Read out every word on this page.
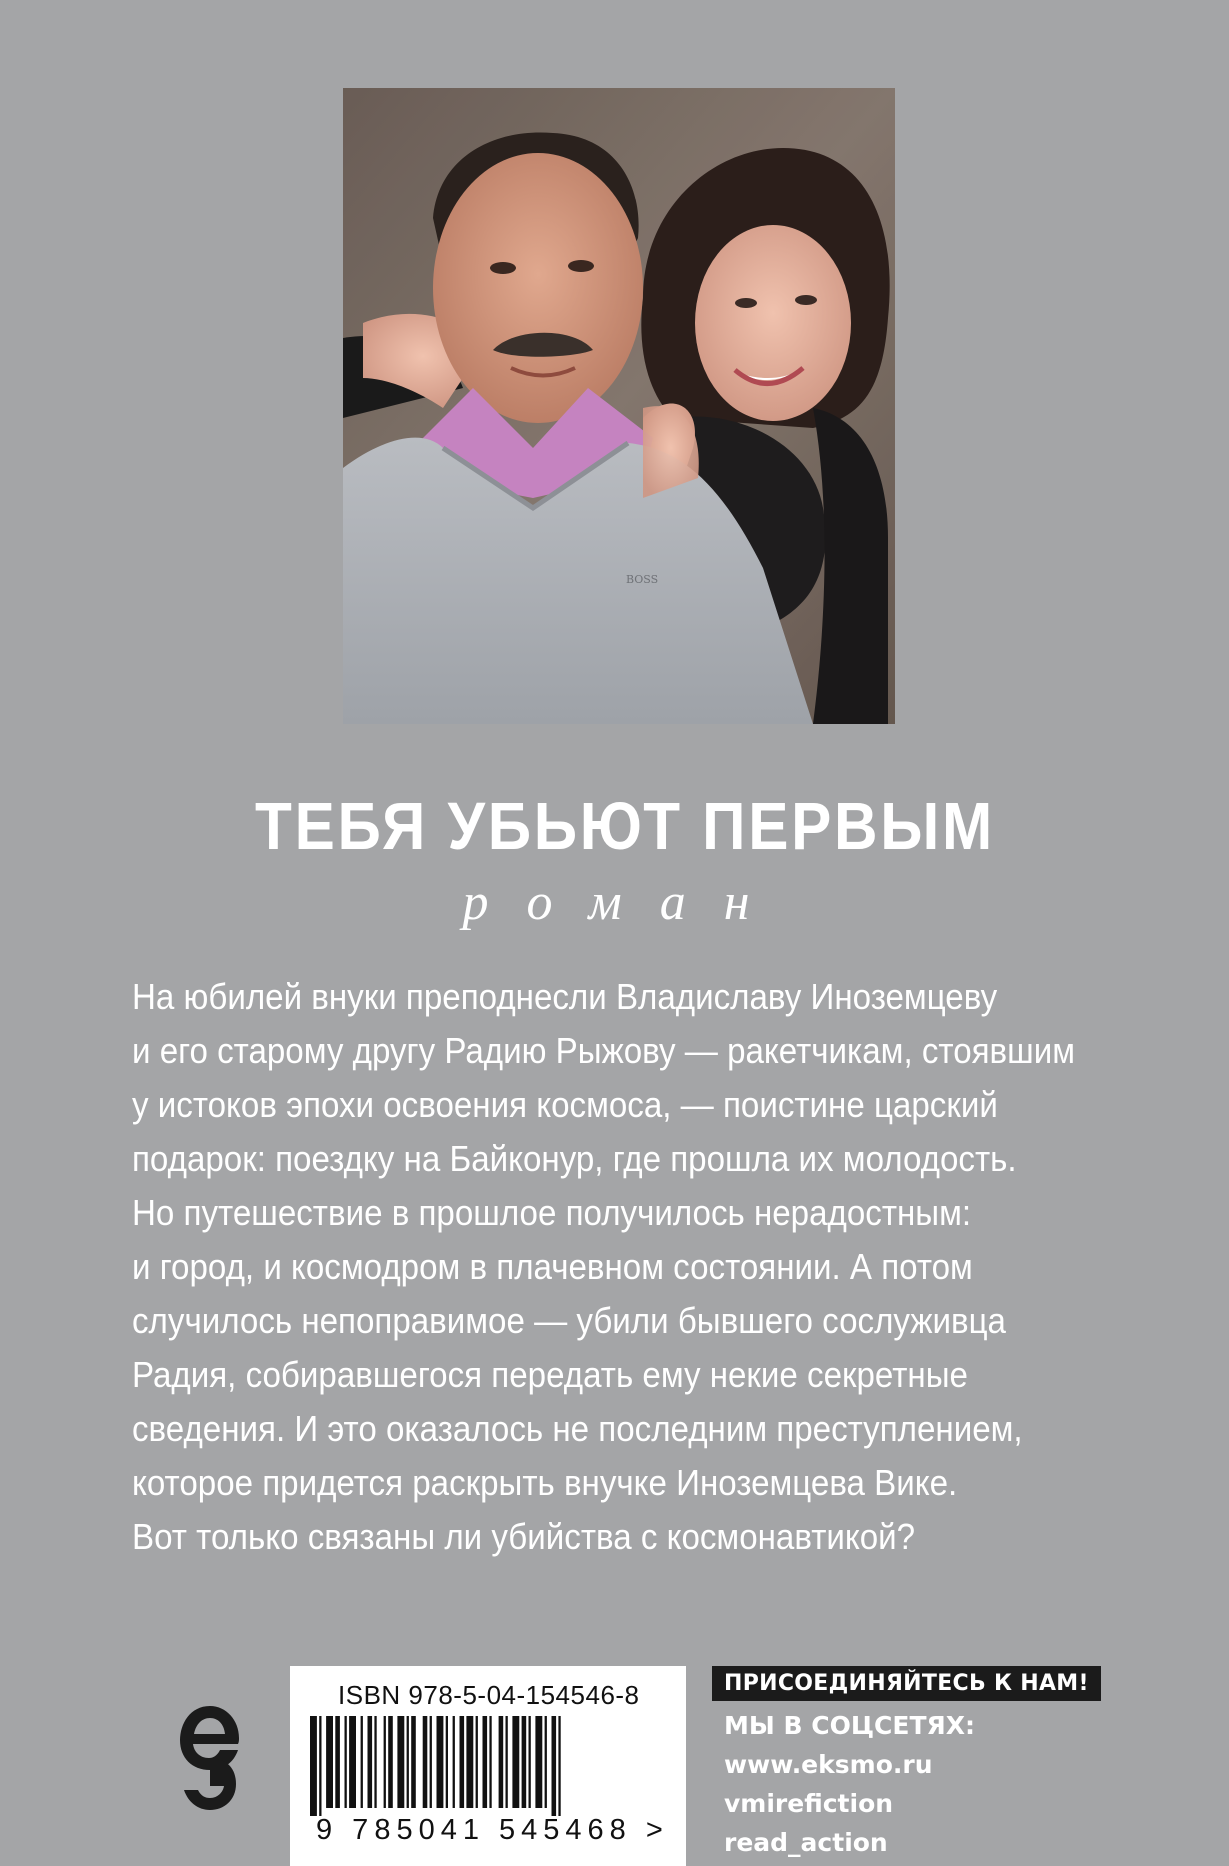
BOSS
ТЕБЯ УБЬЮТ ПЕРВЫМ
роман
На юбилей внуки преподнесли Владиславу Иноземцеву
и его старому другу Радию Рыжову — ракетчикам, стоявшим
у истоков эпохи освоения космоса, — поистине царский
подарок: поездку на Байконур, где прошла их молодость.
Но путешествие в прошлое получилось нерадостным:
и город, и космодром в плачевном состоянии. А потом
случилось непоправимое — убили бывшего сослуживца
Радия, собиравшегося передать ему некие секретные
сведения. И это оказалось не последним преступлением,
которое придется раскрыть внучке Иноземцева Вике.
Вот только связаны ли убийства с космонавтикой?
ISBN 978-5-04-154546-8
9 785041 545468 >
ПРИСОЕДИНЯЙТЕСЬ К НАМ!
МЫ В СОЦСЕТЯХ:
www.eksmo.ru
vmirefiction
read_action
